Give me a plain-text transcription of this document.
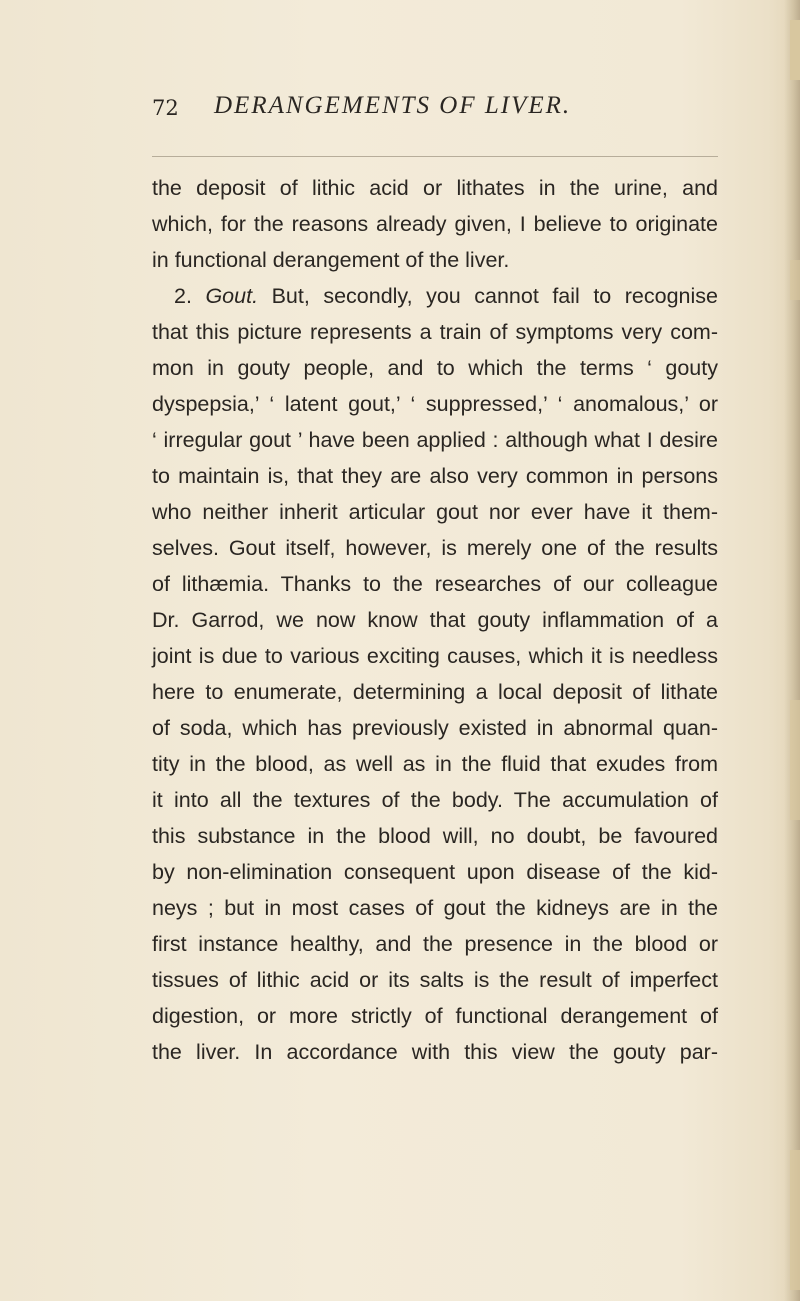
72 DERANGEMENTS OF LIVER.
the deposit of lithic acid or lithates in the urine, and
which, for the reasons already given, I believe to originate
in functional derangement of the liver.
2. Gout. But, secondly, you cannot fail to recognise
that this picture represents a train of symptoms very com-
mon in gouty people, and to which the terms ‘ gouty
dyspepsia,’ ‘ latent gout,’ ‘ suppressed,’ ‘ anomalous,’ or
‘ irregular gout ’ have been applied : although what I desire
to maintain is, that they are also very common in persons
who neither inherit articular gout nor ever have it them-
selves. Gout itself, however, is merely one of the results
of lithæmia. Thanks to the researches of our colleague
Dr. Garrod, we now know that gouty inflammation of a
joint is due to various exciting causes, which it is needless
here to enumerate, determining a local deposit of lithate
of soda, which has previously existed in abnormal quan-
tity in the blood, as well as in the fluid that exudes from
it into all the textures of the body. The accumulation of
this substance in the blood will, no doubt, be favoured
by non-elimination consequent upon disease of the kid-
neys ; but in most cases of gout the kidneys are in the
first instance healthy, and the presence in the blood or
tissues of lithic acid or its salts is the result of imperfect
digestion, or more strictly of functional derangement of
the liver. In accordance with this view the gouty par-
